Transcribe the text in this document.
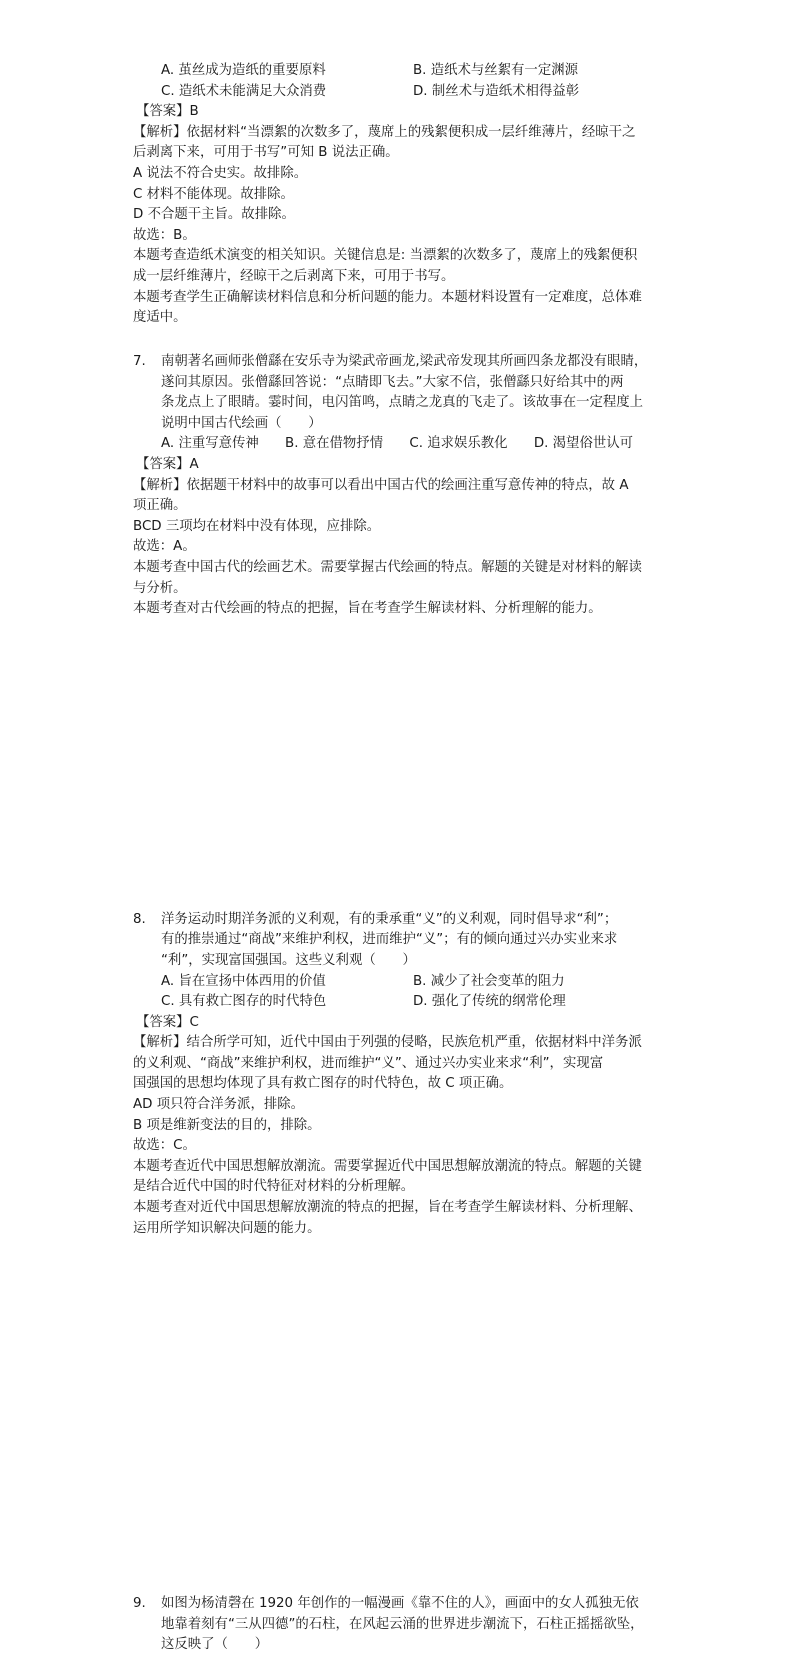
A. 茧丝成为造纸的重要原料	B. 造纸术与丝絮有一定渊源
C. 造纸术未能满足大众消费	D. 制丝术与造纸术相得益彰
【答案】B
【解析】依据材料“当漂絮的次数多了，蔑席上的残絮便积成一层纤维薄片，经晾干之
后剥离下来，可用于书写”可知 B 说法正确。
A 说法不符合史实。故排除。
C 材料不能体现。故排除。
D 不合题干主旨。故排除。
故选：B。
本题考查造纸术演变的相关知识。关键信息是: 当漂絮的次数多了，蔑席上的残絮便积
成一层纤维薄片，经晾干之后剥离下来，可用于书写。
本题考查学生正确解读材料信息和分析问题的能力。本题材料设置有一定难度，总体难
度适中。
7. 南朝著名画师张僧繇在安乐寺为梁武帝画龙,梁武帝发现其所画四条龙都没有眼睛，
遂问其原因。张僧繇回答说：“点睛即飞去。”大家不信，张僧繇只好给其中的两
条龙点上了眼睛。霎时间，电闪笛鸣，点睛之龙真的飞走了。该故事在一定程度上
说明中国古代绘画（　　）
A. 注重写意传神 B. 意在借物抒情 C. 追求娱乐教化 D. 渴望俗世认可
【答案】A
【解析】依据题干材料中的故事可以看出中国古代的绘画注重写意传神的特点，故 A
项正确。
BCD 三项均在材料中没有体现，应排除。
故选：A。
本题考查中国古代的绘画艺术。需要掌握古代绘画的特点。解题的关键是对材料的解读
与分析。
本题考查对古代绘画的特点的把握，旨在考查学生解读材料、分析理解的能力。
8. 洋务运动时期洋务派的义利观，有的秉承重“义”的义利观，同时倡导求“利”；
有的推崇通过“商战”来维护利权，进而维护“义”；有的倾向通过兴办实业来求
“利”，实现富国强国。这些义利观（　　）
A. 旨在宣扬中体西用的价值	B. 减少了社会变革的阻力
C. 具有救亡图存的时代特色	D. 强化了传统的纲常伦理
【答案】C
【解析】结合所学可知，近代中国由于列强的侵略，民族危机严重，依据材料中洋务派
的义利观、“商战”来维护利权，进而维护“义”、通过兴办实业来求“利”，实现富
国强国的思想均体现了具有救亡图存的时代特色，故 C 项正确。
AD 项只符合洋务派，排除。
B 项是维新变法的目的，排除。
故选：C。
本题考查近代中国思想解放潮流。需要掌握近代中国思想解放潮流的特点。解题的关键
是结合近代中国的时代特征对材料的分析理解。
本题考查对近代中国思想解放潮流的特点的把握，旨在考查学生解读材料、分析理解、
运用所学知识解决问题的能力。
9. 如图为杨清磬在 1920 年创作的一幅漫画《靠不住的人》，画面中的女人孤独无依
地靠着刻有“三从四德”的石柱，在风起云涌的世界进步潮流下，石柱正摇摇欲坠，
这反映了（　　）
